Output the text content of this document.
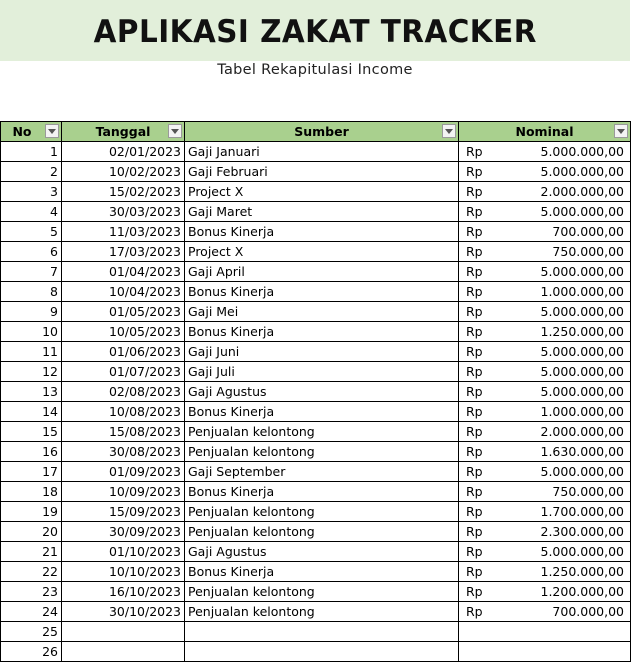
APLIKASI ZAKAT TRACKER
Tabel Rekapitulasi Income
No	Tanggal	Sumber	Nominal

1	02/01/2023	Gaji Januari	Rp 5.000.000,00

2	10/02/2023	Gaji Februari	Rp 5.000.000,00

3	15/02/2023	Project X	Rp 2.000.000,00

4	30/03/2023	Gaji Maret	Rp 5.000.000,00

5	11/03/2023	Bonus Kinerja	Rp 700.000,00

6	17/03/2023	Project X	Rp 750.000,00

7	01/04/2023	Gaji April	Rp 5.000.000,00

8	10/04/2023	Bonus Kinerja	Rp 1.000.000,00

9	01/05/2023	Gaji Mei	Rp 5.000.000,00

10	10/05/2023	Bonus Kinerja	Rp 1.250.000,00

11	01/06/2023	Gaji Juni	Rp 5.000.000,00

12	01/07/2023	Gaji Juli	Rp 5.000.000,00

13	02/08/2023	Gaji Agustus	Rp 5.000.000,00

14	10/08/2023	Bonus Kinerja	Rp 1.000.000,00

15	15/08/2023	Penjualan kelontong	Rp 2.000.000,00

16	30/08/2023	Penjualan kelontong	Rp 1.630.000,00

17	01/09/2023	Gaji September	Rp 5.000.000,00

18	10/09/2023	Bonus Kinerja	Rp 750.000,00

19	15/09/2023	Penjualan kelontong	Rp 1.700.000,00

20	30/09/2023	Penjualan kelontong	Rp 2.300.000,00

21	01/10/2023	Gaji Agustus	Rp 5.000.000,00

22	10/10/2023	Bonus Kinerja	Rp 1.250.000,00

23	16/10/2023	Penjualan kelontong	Rp 1.200.000,00

24	30/10/2023	Penjualan kelontong	Rp 700.000,00

25			

26			
